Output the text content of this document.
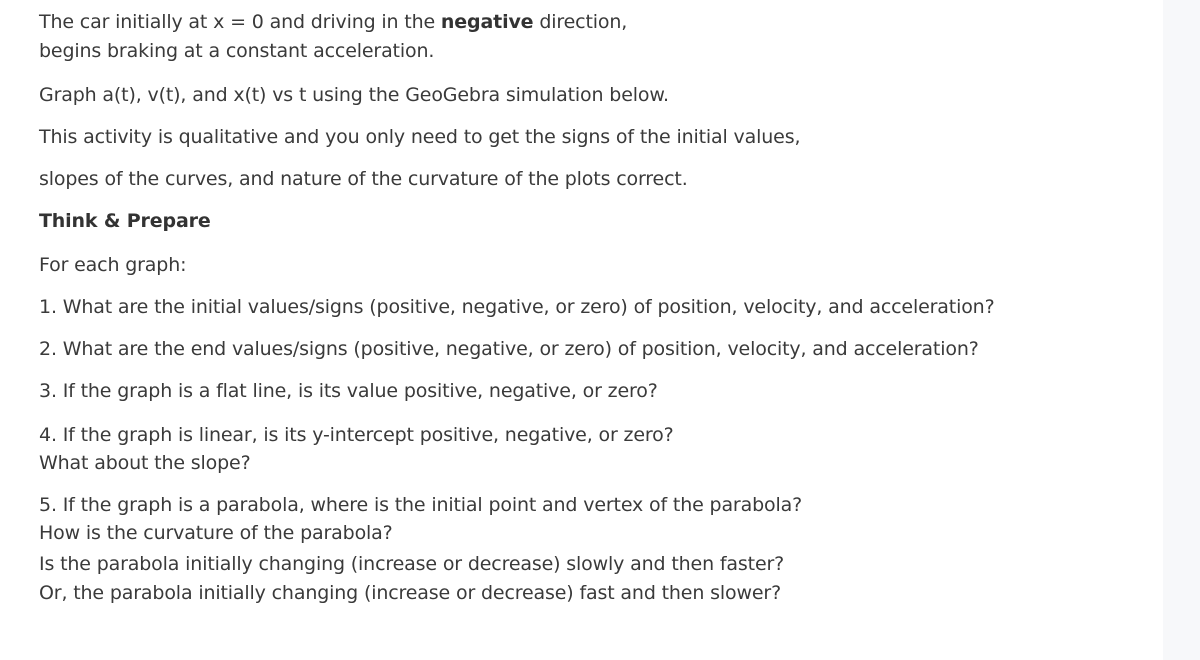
The car initially at x = 0 and driving in the negative direction,
begins braking at a constant acceleration.
Graph a(t), v(t), and x(t) vs t using the GeoGebra simulation below.
This activity is qualitative and you only need to get the signs of the initial values,
slopes of the curves, and nature of the curvature of the plots correct.
Think & Prepare
For each graph:
1. What are the initial values/signs (positive, negative, or zero) of position, velocity, and acceleration?
2. What are the end values/signs (positive, negative, or zero) of position, velocity, and acceleration?
3. If the graph is a flat line, is its value positive, negative, or zero?
4. If the graph is linear, is its y-intercept positive, negative, or zero?
What about the slope?
5. If the graph is a parabola, where is the initial point and vertex of the parabola?
How is the curvature of the parabola?
Is the parabola initially changing (increase or decrease) slowly and then faster?
Or, the parabola initially changing (increase or decrease) fast and then slower?
